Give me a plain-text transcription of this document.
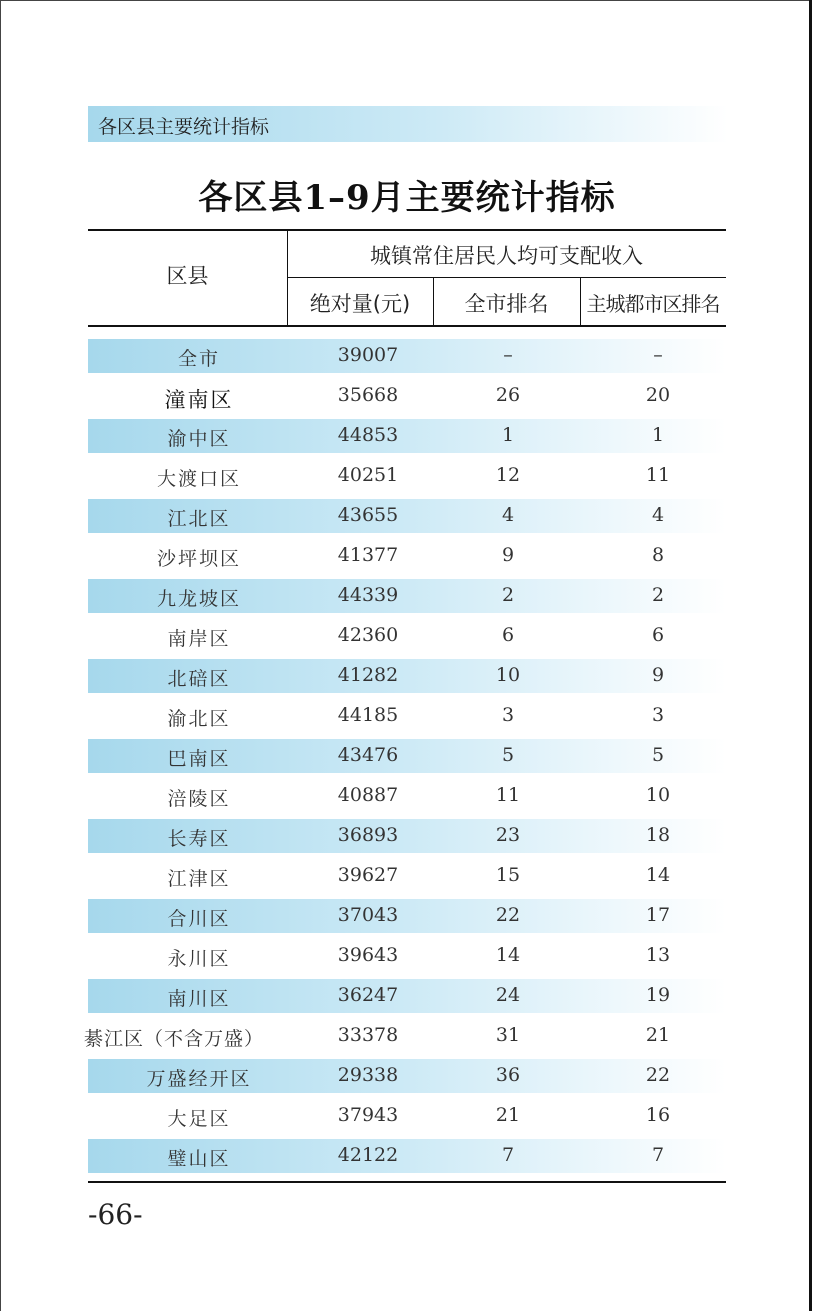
各区县主要统计指标
各区县1–9月主要统计指标
区县
城镇常住居民人均可支配收入
绝对量(元)	全市排名	主城都市区排名
全市	39007	–	–
潼南区	35668	26	20
渝中区	44853	1	1
大渡口区	40251	12	11
江北区	43655	4	4
沙坪坝区	41377	9	8
九龙坡区	44339	2	2
南岸区	42360	6	6
北碚区	41282	10	9
渝北区	44185	3	3
巴南区	43476	5	5
涪陵区	40887	11	10
长寿区	36893	23	18
江津区	39627	15	14
合川区	37043	22	17
永川区	39643	14	13
南川区	36247	24	19
綦江区（不含万盛）	33378	31	21
万盛经开区	29338	36	22
大足区	37943	21	16
璧山区	42122	7	7
-66-
